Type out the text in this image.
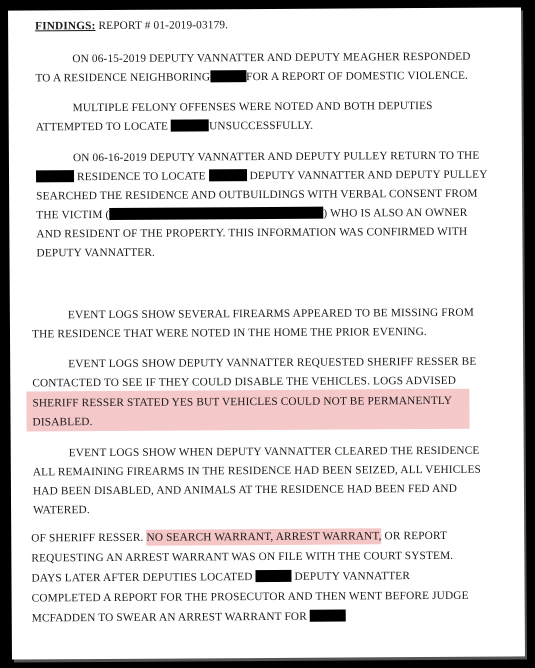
FINDINGS: REPORT # 01-2019-03179.
ON 06-15-2019 DEPUTY VANNATTER AND DEPUTY MEAGHER RESPONDED
TO A RESIDENCE NEIGHBORING	FOR A REPORT OF DOMESTIC VIOLENCE.
MULTIPLE FELONY OFFENSES WERE NOTED AND BOTH DEPUTIES
ATTEMPTED TO LOCATE	UNSUCCESSFULLY.
ON 06-16-2019 DEPUTY VANNATTER AND DEPUTY PULLEY RETURN TO THE
RESIDENCE TO LOCATE	DEPUTY VANNATTER AND DEPUTY PULLEY
SEARCHED THE RESIDENCE AND OUTBUILDINGS WITH VERBAL CONSENT FROM
THE VICTIM (	) WHO IS ALSO AN OWNER
AND RESIDENT OF THE PROPERTY. THIS INFORMATION WAS CONFIRMED WITH
DEPUTY VANNATTER.
EVENT LOGS SHOW SEVERAL FIREARMS APPEARED TO BE MISSING FROM
THE RESIDENCE THAT WERE NOTED IN THE HOME THE PRIOR EVENING.
EVENT LOGS SHOW DEPUTY VANNATTER REQUESTED SHERIFF RESSER BE
CONTACTED TO SEE IF THEY COULD DISABLE THE VEHICLES. LOGS ADVISED
SHERIFF RESSER STATED YES BUT VEHICLES COULD NOT BE PERMANENTLY
DISABLED.
EVENT LOGS SHOW WHEN DEPUTY VANNATTER CLEARED THE RESIDENCE
ALL REMAINING FIREARMS IN THE RESIDENCE HAD BEEN SEIZED, ALL VEHICLES
HAD BEEN DISABLED, AND ANIMALS AT THE RESIDENCE HAD BEEN FED AND
WATERED.
OF SHERIFF RESSER. NO SEARCH WARRANT, ARREST WARRANT, OR REPORT
REQUESTING AN ARREST WARRANT WAS ON FILE WITH THE COURT SYSTEM.
DAYS LATER AFTER DEPUTIES LOCATED	DEPUTY VANNATTER
COMPLETED A REPORT FOR THE PROSECUTOR AND THEN WENT BEFORE JUDGE
MCFADDEN TO SWEAR AN ARREST WARRANT FOR
